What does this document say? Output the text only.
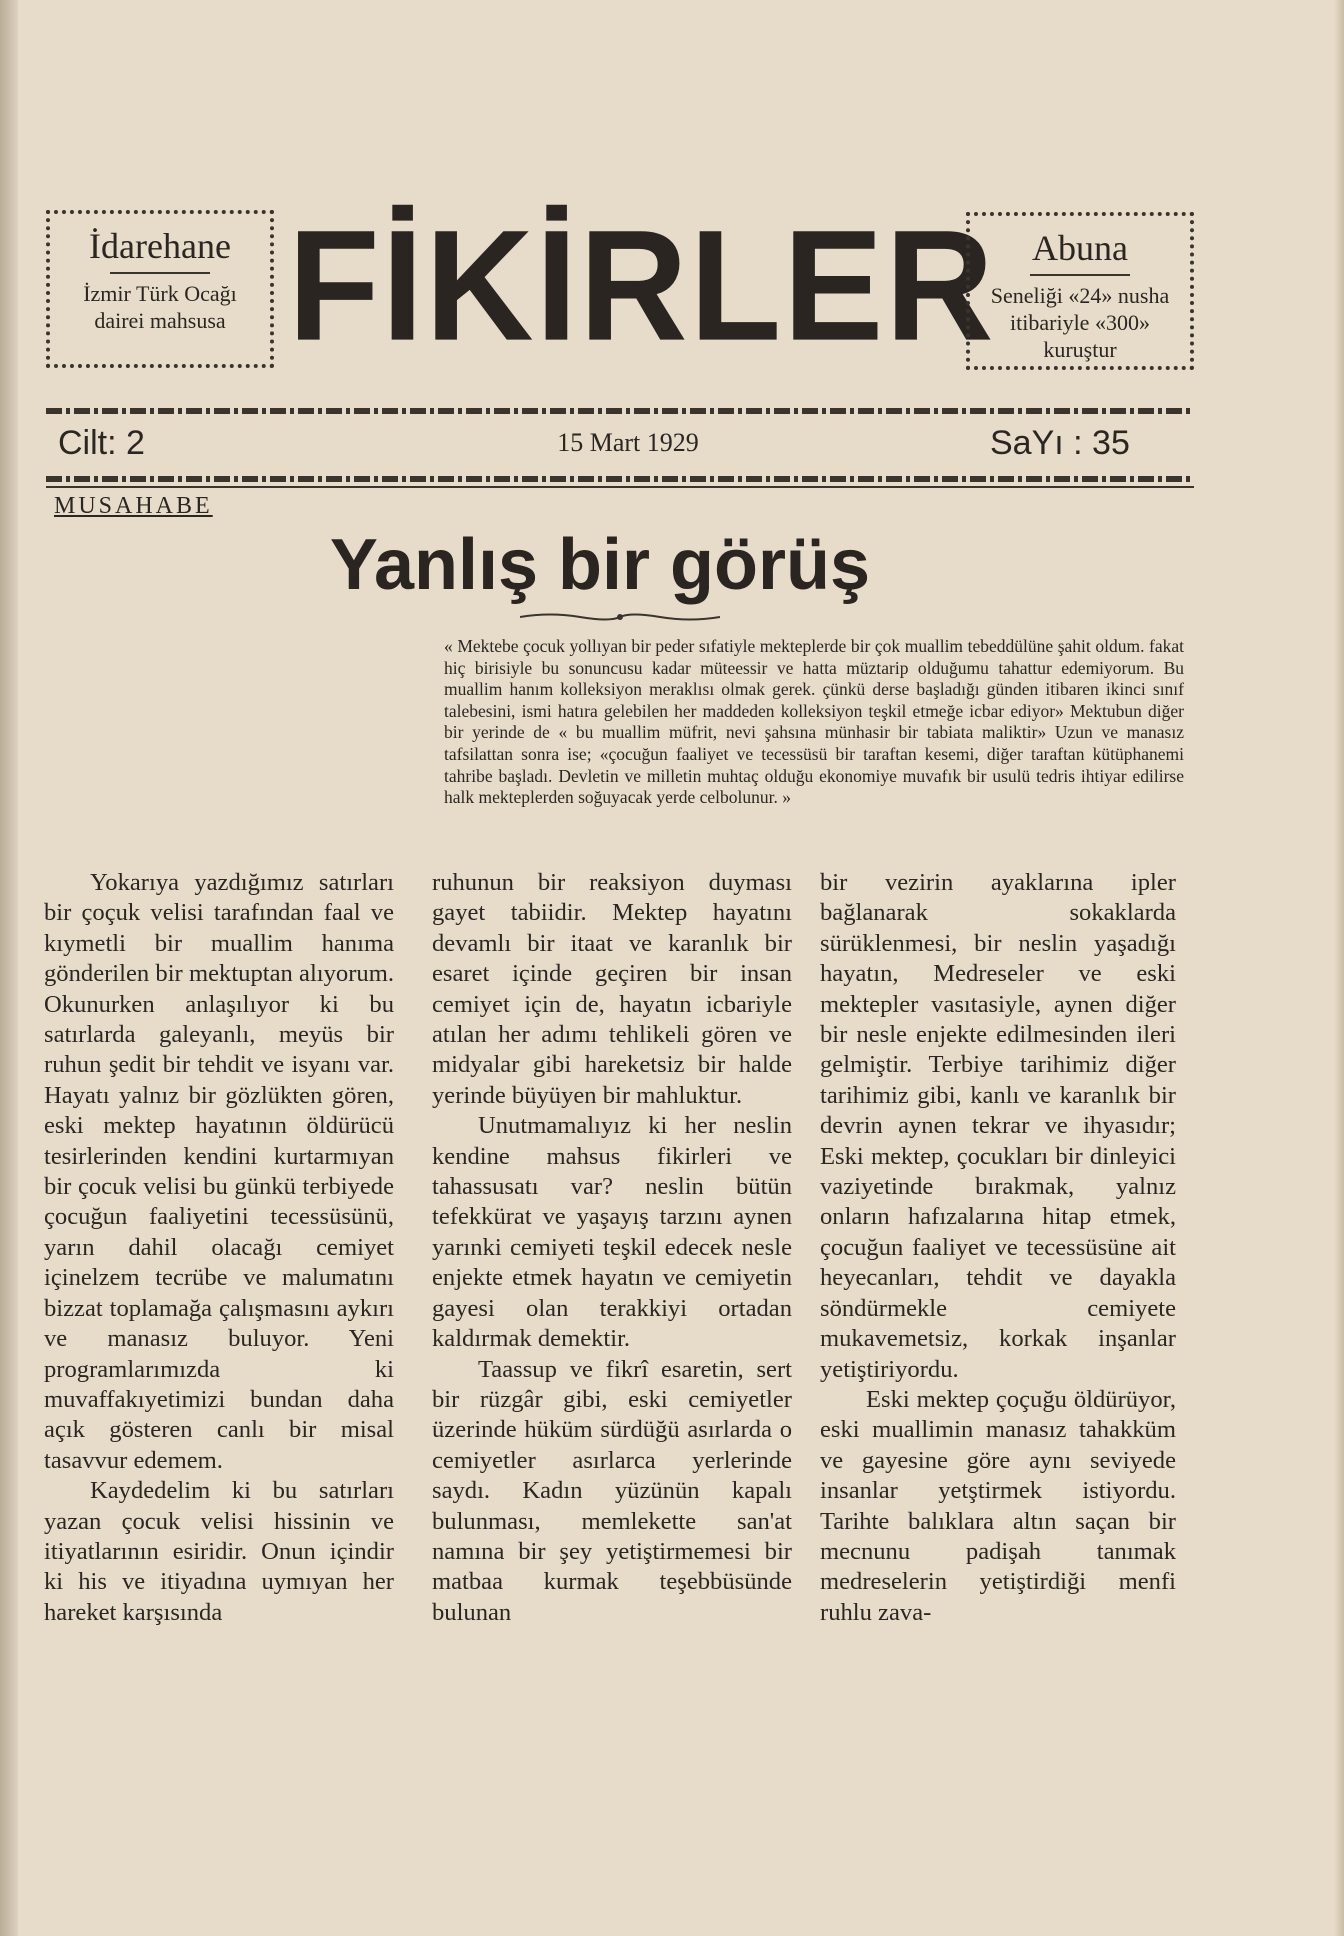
İdarehane
İzmir Türk Ocağı
dairei mahsusa FİKİRLER	Abuna
Seneliği «24» nusha
itibariyle «300»
kuruştur
Cilt: 2	15 Mart 1929	SaYı : 35
MUSAHABE
Yanlış bir görüş
« Mektebe çocuk yollıyan bir peder sıfatiyle mekteplerde bir çok muallim tebeddülüne şahit oldum. fakat hiç birisiyle bu sonuncusu kadar müteessir ve hatta müztarip olduğumu tahattur edemiyorum. Bu muallim hanım kolleksiyon meraklısı olmak gerek. çünkü derse başladığı günden itibaren ikinci sınıf talebesini, ismi hatıra gelebilen her maddeden kolleksiyon teşkil etmeğe icbar ediyor» Mektubun diğer bir yerinde de « bu muallim müfrit, nevi şahsına münhasir bir tabiata maliktir» Uzun ve manasız tafsilattan sonra ise; «çocuğun faaliyet ve tecessüsü bir taraftan kesemi, diğer taraftan kütüphanemi tahribe başladı. Devletin ve milletin muhtaç olduğu ekonomiye muvafık bir usulü tedris ihtiyar edilirse halk mekteplerden soğuyacak yerde celbolunur. »

Yokarıya yazdığımız satırları bir çoçuk velisi tarafından faal ve kıymetli bir muallim hanıma gönderilen bir mektuptan alıyorum. Okunurken anlaşılıyor ki bu satırlarda galeyanlı, meyüs bir ruhun şedit bir tehdit ve isyanı var. Hayatı yalnız bir gözlükten gören, eski mektep hayatının öldürücü tesirlerinden kendini kurtarmıyan bir çocuk velisi bu günkü terbiyede çocuğun faaliyetini tecessüsünü, yarın dahil olacağı cemiyet içinelzem tecrübe ve malumatını bizzat toplamağa çalışmasını aykırı ve manasız buluyor. Yeni programlarımızda ki muvaffakıyetimizi bundan daha açık gösteren canlı bir misal tasavvur edemem.

Kaydedelim ki bu satırları yazan çocuk velisi hissinin ve itiyatlarının esiridir. Onun içindir ki his ve itiyadına uymıyan her hareket karşısında

ruhunun bir reaksiyon duyması gayet tabiidir. Mektep hayatını devamlı bir itaat ve karanlık bir esaret içinde geçiren bir insan cemiyet için de, hayatın icbariyle atılan her adımı tehlikeli gören ve midyalar gibi hareketsiz bir halde yerinde büyüyen bir mahluktur.

Unutmamalıyız ki her neslin kendine mahsus fikirleri ve tahassusatı var? neslin bütün tefekkürat ve yaşayış tarzını aynen yarınki cemiyeti teşkil edecek nesle enjekte etmek hayatın ve cemiyetin gayesi olan terakkiyi ortadan kaldırmak demektir.

Taassup ve fikrî esaretin, sert bir rüzgâr gibi, eski cemiyetler üzerinde hüküm sürdüğü asırlarda o cemiyetler asırlarca yerlerinde saydı. Kadın yüzünün kapalı bulunması, memlekette san'at namına bir şey yetiştirmemesi bir matbaa kurmak teşebbüsünde bulunan

bir vezirin ayaklarına ipler bağlanarak sokaklarda sürüklenmesi, bir neslin yaşadığı hayatın, Medreseler ve eski mektepler vasıtasiyle, aynen diğer bir nesle enjekte edilmesinden ileri gelmiştir. Terbiye tarihimiz diğer tarihimiz gibi, kanlı ve karanlık bir devrin aynen tekrar ve ihyasıdır; Eski mektep, çocukları bir dinleyici vaziyetinde bırakmak, yalnız onların hafızalarına hitap etmek, çocuğun faaliyet ve tecessüsüne ait heyecanları, tehdit ve dayakla söndürmekle cemiyete mukavemetsiz, korkak inşanlar yetiştiriyordu.

Eski mektep çoçuğu öldürüyor, eski muallimin manasız tahakküm ve gayesine göre aynı seviyede insanlar yetştirmek istiyordu. Tarihte balıklara altın saçan bir mecnunu padişah tanımak medreselerin yetiştirdiği menfi ruhlu zava-
